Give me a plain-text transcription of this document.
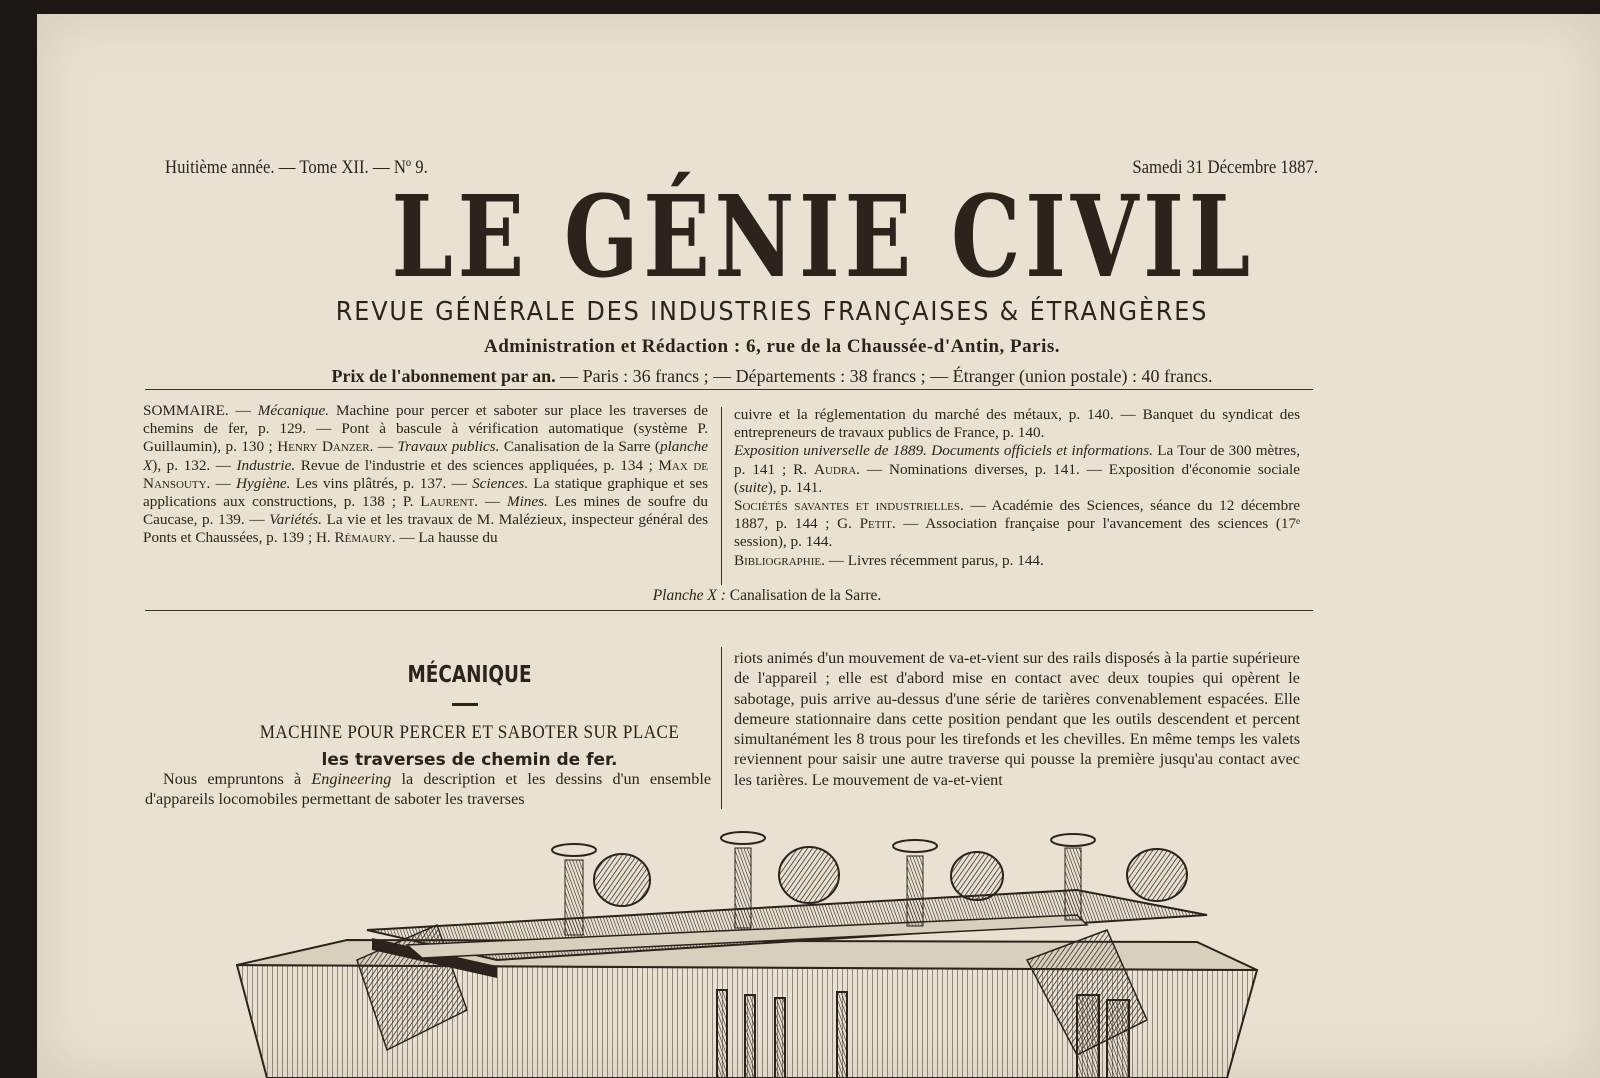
Huitième année. — Tome XII. — Nº 9.	Samedi 31 Décembre 1887.
LE GÉNIE CIVIL
REVUE GÉNÉRALE DES INDUSTRIES FRANÇAISES & ÉTRANGÈRES
Administration et Rédaction : 6, rue de la Chaussée-d'Antin, Paris.
Prix de l'abonnement par an. — Paris : 36 francs ; — Départements : 38 francs ; — Étranger (union postale) : 40 francs.
SOMMAIRE. — Mécanique. Machine pour percer et saboter sur place les traverses de chemins de fer, p. 129. — Pont à bascule à vérification automatique (système P. Guillaumin), p. 130 ; Henry Danzer. — Travaux publics. Canalisation de la Sarre (planche X), p. 132. — Industrie. Revue de l'industrie et des sciences appliquées, p. 134 ; Max de Nansouty. — Hygiène. Les vins plâtrés, p. 137. — Sciences. La statique graphique et ses applications aux constructions, p. 138 ; P. Laurent. — Mines. Les mines de soufre du Caucase, p. 139. — Variétés. La vie et les travaux de M. Malézieux, inspecteur général des Ponts et Chaussées, p. 139 ; H. Rémaury. — La hausse du
cuivre et la réglementation du marché des métaux, p. 140. — Banquet du syndicat des entrepreneurs de travaux publics de France, p. 140.
Exposition universelle de 1889. Documents officiels et informations. La Tour de 300 mètres, p. 141 ; R. Audra. — Nominations diverses, p. 141. — Exposition d'économie sociale (suite), p. 141.
Sociétés savantes et industrielles. — Académie des Sciences, séance du 12 décembre 1887, p. 144 ; G. Petit. — Association française pour l'avancement des sciences (17ᵉ session), p. 144.
Bibliographie. — Livres récemment parus, p. 144.
Planche X : Canalisation de la Sarre.
MÉCANIQUE
MACHINE POUR PERCER ET SABOTER SUR PLACE
les traverses de chemin de fer.
Nous empruntons à Engineering la description et les dessins d'un ensemble d'appareils locomobiles permettant de saboter les traverses
riots animés d'un mouvement de va-et-vient sur des rails disposés à la partie supérieure de l'appareil ; elle est d'abord mise en contact avec deux toupies qui opèrent le sabotage, puis arrive au-dessus d'une série de tarières convenablement espacées. Elle demeure stationnaire dans cette position pendant que les outils descendent et percent simultanément les 8 trous pour les tirefonds et les chevilles. En même temps les valets reviennent pour saisir une autre traverse qui pousse la première jusqu'au contact avec les tarières. Le mouvement de va-et-vient
